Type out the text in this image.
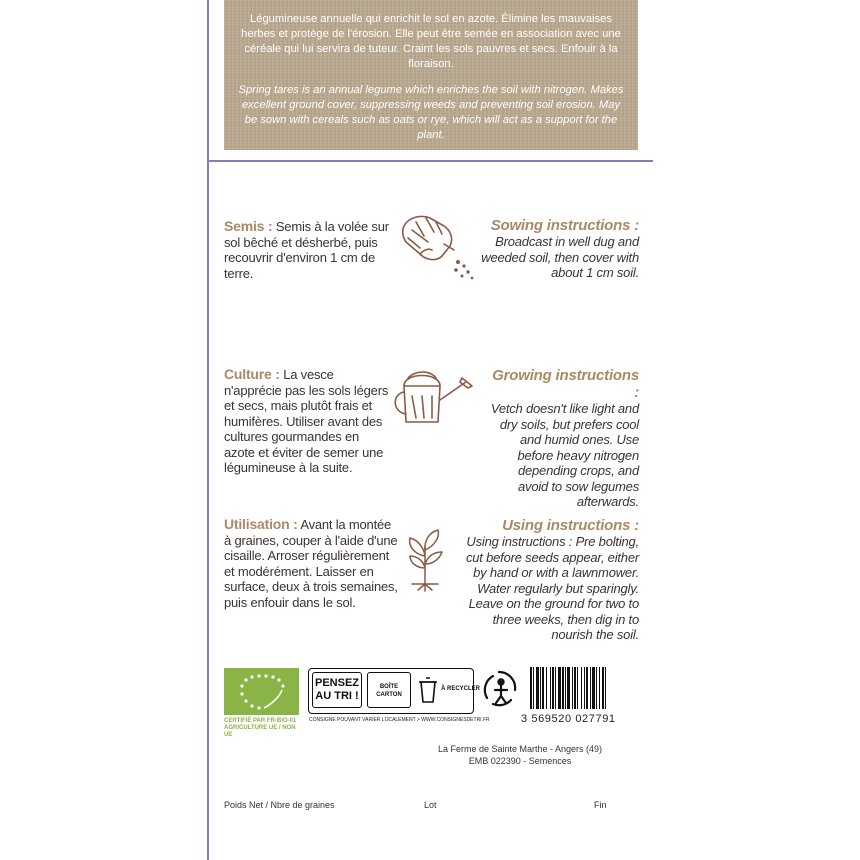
Légumineuse annuelle qui enrichit le sol en azote. Élimine les mauvaises herbes et protège de l'érosion. Elle peut être semée en association avec une céréale qui lui servira de tuteur. Craint les sols pauvres et secs. Enfouir à la floraison.
Spring tares is an annual legume which enriches the soil with nitrogen. Makes excellent ground cover, suppressing weeds and preventing soil erosion. May be sown with cereals such as oats or rye, which will act as a support for the plant.
Semis : Semis à la volée sur sol bêché et désherbé, puis recouvrir d'environ 1 cm de terre.
Sowing instructions :
Broadcast in well dug and weeded soil, then cover with about 1 cm soil.
Culture : La vesce n'apprécie pas les sols légers et secs, mais plutôt frais et humifères. Utiliser avant des cultures gourmandes en azote et éviter de semer une légumineuse à la suite.
Growing instructions :
Vetch doesn't like light and dry soils, but prefers cool and humid ones. Use before heavy nitrogen depending crops, and avoid to sow legumes afterwards.
Utilisation : Avant la montée à graines, couper à l'aide d'une cisaille. Arroser régulièrement et modérément. Laisser en surface, deux à trois semaines, puis enfouir dans le sol.
Using instructions :
Using instructions : Pre bolting, cut before seeds appear, either by hand or with a lawnmower. Water regularly but sparingly. Leave on the ground for two to three weeks, then dig in to nourish the soil.
CERTIFIÉ PAR FR-BIO-01
AGRICULTURE UE / NON UE
PENSEZ AU TRI !
BOÎTE CARTON
À RECYCLER
CONSIGNE POUVANT VARIER LOCALEMENT > WWW.CONSIGNESDETRI.FR	3 569520 027791
La Ferme de Sainte Marthe - Angers (49)
EMB 022390 - Semences
Poids Net / Nbre de graines	Lot	Fin
